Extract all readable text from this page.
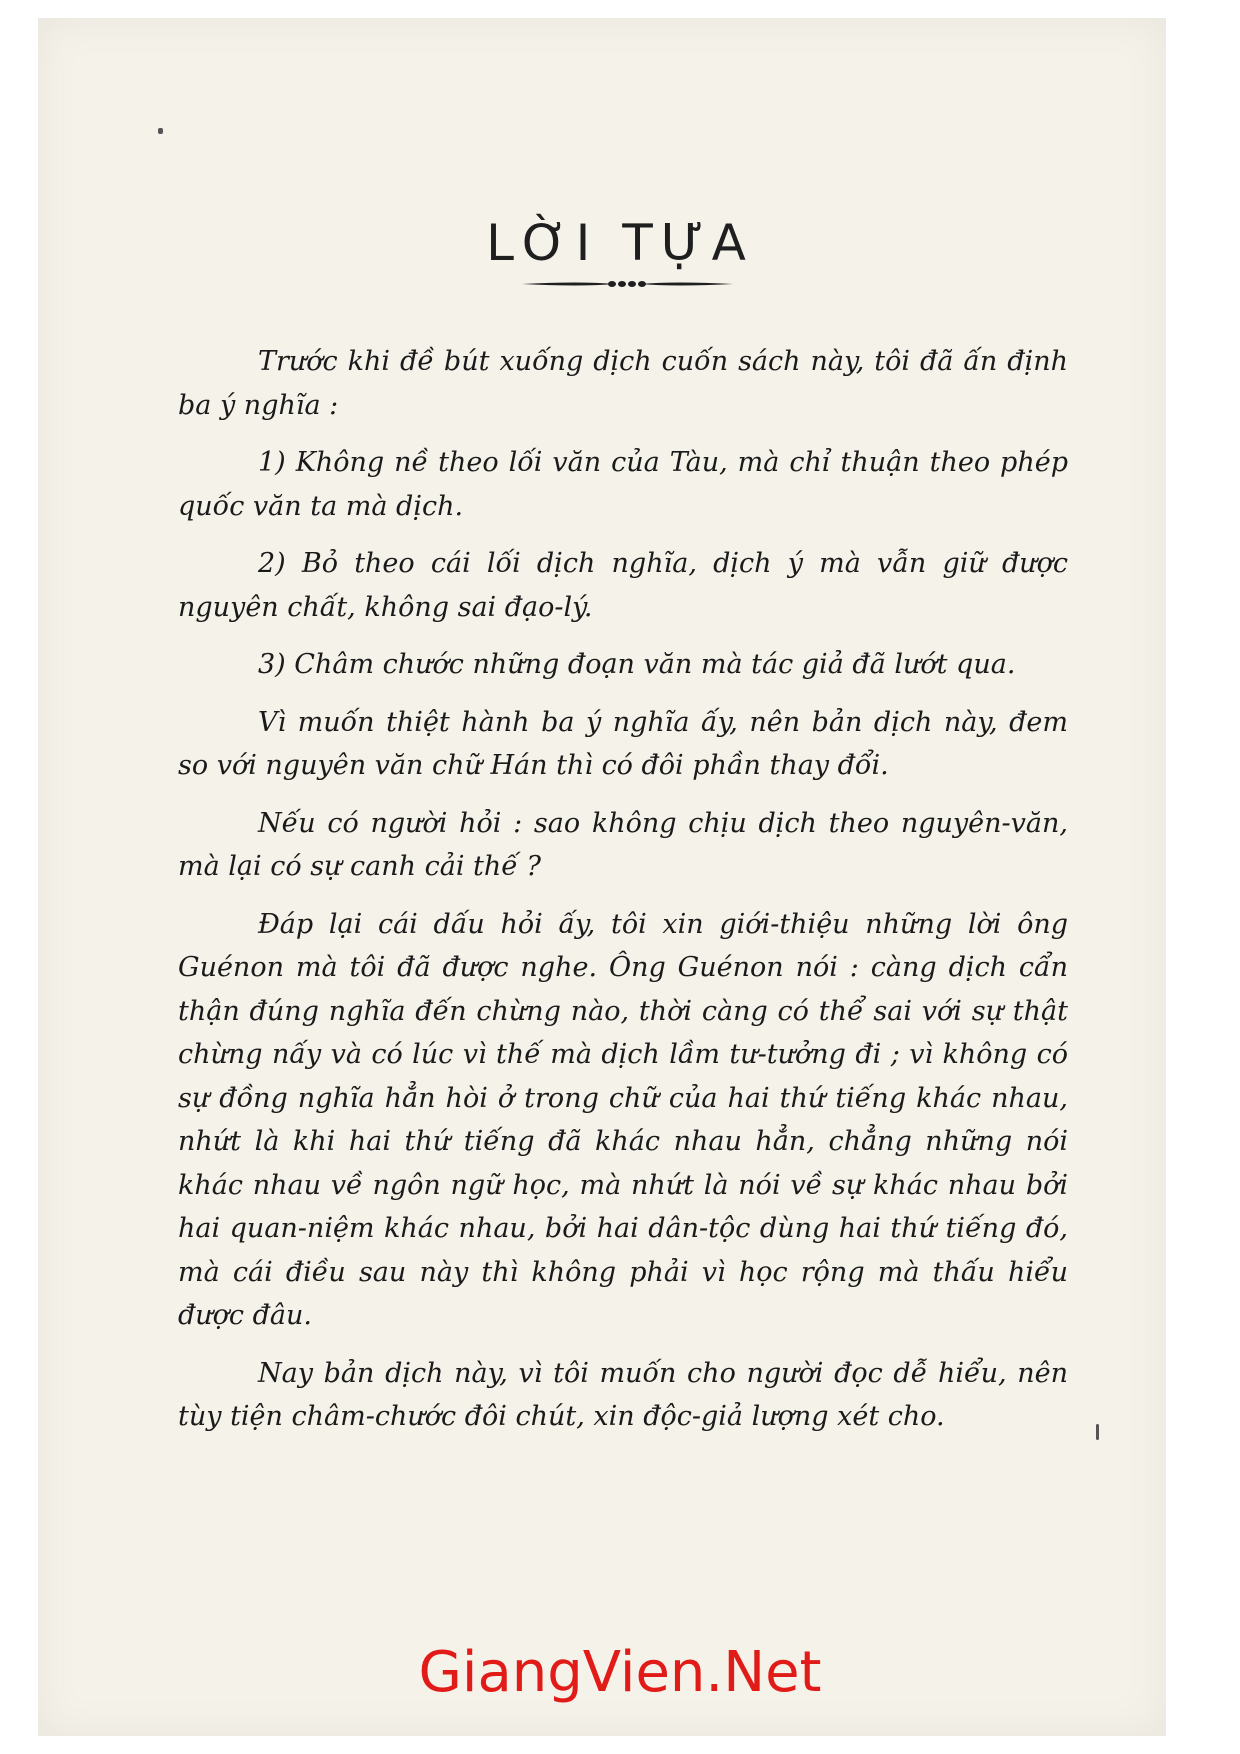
LỜI TỰA

Trước khi đề bút xuống dịch cuốn sách này, tôi đã ấn định ba ý nghĩa :

1) Không nề theo lối văn của Tàu, mà chỉ thuận theo phép quốc văn ta mà dịch.

2) Bỏ theo cái lối dịch nghĩa, dịch ý mà vẫn giữ được nguyên chất, không sai đạo-lý.

3) Châm chước những đoạn văn mà tác giả đã lướt qua.

Vì muốn thiệt hành ba ý nghĩa ấy, nên bản dịch này, đem so với nguyên văn chữ Hán thì có đôi phần thay đổi.

Nếu có người hỏi : sao không chịu dịch theo nguyên-văn, mà lại có sự canh cải thế ?

Đáp lại cái dấu hỏi ấy, tôi xin giới-thiệu những lời ông Guénon mà tôi đã được nghe. Ông Guénon nói : càng dịch cẩn thận đúng nghĩa đến chừng nào, thời càng có thể sai với sự thật chừng nấy và có lúc vì thế mà dịch lầm tư-tưởng đi ; vì không có sự đồng nghĩa hẳn hòi ở trong chữ của hai thứ tiếng khác nhau, nhứt là khi hai thứ tiếng đã khác nhau hẳn, chẳng những nói khác nhau về ngôn ngữ học, mà nhứt là nói về sự khác nhau bởi hai quan-niệm khác nhau, bởi hai dân-tộc dùng hai thứ tiếng đó, mà cái điều sau này thì không phải vì học rộng mà thấu hiểu được đâu.

Nay bản dịch này, vì tôi muốn cho người đọc dễ hiểu, nên tùy tiện châm-chước đôi chút, xin độc-giả lượng xét cho.

GiangVien.Net
